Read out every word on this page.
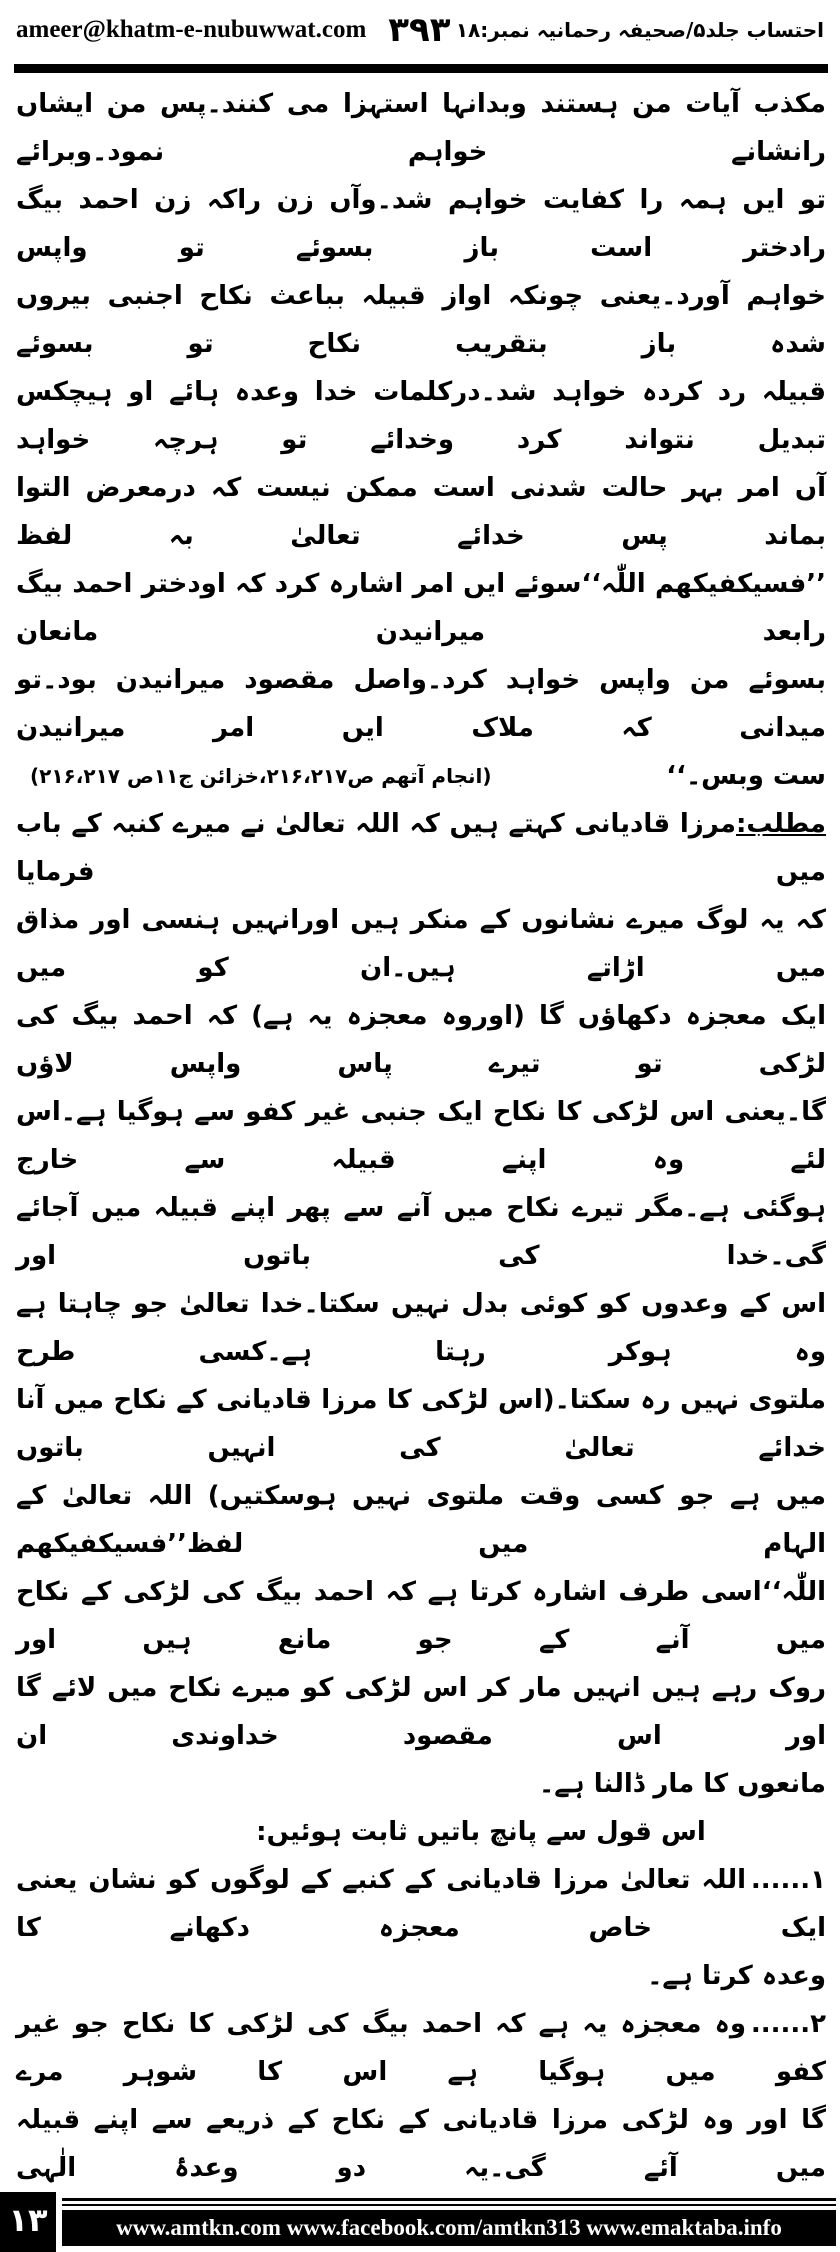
ameer@khatm-e-nubuwwat.com ۳۹۳ احتساب جلد۵/صحیفہ رحمانیہ نمبر:۱۸
مکذب آیات من ہستند وبدانہا استہزا می کنند۔پس من ایشاں رانشانے خواہم نمود۔وبرائے
تو ایں ہمہ را کفایت خواہم شد۔وآں زن راکہ زن احمد بیگ رادختر است باز بسوئے تو واپس
خواہم آورد۔یعنی چونکہ اواز قبیلہ بباعث نکاح اجنبی بیروں شدہ باز بتقریب نکاح تو بسوئے
قبیلہ رد کردہ خواہد شد۔درکلمات خدا وعدہ ہائے او ہیچکس تبدیل نتواند کرد وخدائے تو ہرچہ خواہد
آں امر بہر حالت شدنی است ممکن نیست کہ درمعرض التوا بماند پس خدائے تعالیٰ بہ لفظ
’’فسیکفیکھم اللّٰہ‘‘سوئے ایں امر اشارہ کرد کہ اودختر احمد بیگ رابعد میرانیدن مانعان
بسوئے من واپس خواہد کرد۔واصل مقصود میرانیدن بود۔تو میدانی کہ ملاک ایں امر میرانیدن
ست وبس۔‘‘
(انجام آتھم ص۲۱۶،۲۱۷،خزائن ج۱۱ص ۲۱۶،۲۱۷)
مطلب:مرزا قادیانی کہتے ہیں کہ اللہ تعالیٰ نے میرے کنبہ کے باب میں فرمایا
کہ یہ لوگ میرے نشانوں کے منکر ہیں اورانہیں ہنسی اور مذاق میں اڑاتے ہیں۔ان کو میں
ایک معجزہ دکھاؤں گا (اوروہ معجزہ یہ ہے) کہ احمد بیگ کی لڑکی تو تیرے پاس واپس لاؤں
گا۔یعنی اس لڑکی کا نکاح ایک جنبی غیر کفو سے ہوگیا ہے۔اس لئے وہ اپنے قبیلہ سے خارج
ہوگئی ہے۔مگر تیرے نکاح میں آنے سے پھر اپنے قبیلہ میں آجائے گی۔خدا کی باتوں اور
اس کے وعدوں کو کوئی بدل نہیں سکتا۔خدا تعالیٰ جو چاہتا ہے وہ ہوکر رہتا ہے۔کسی طرح
ملتوی نہیں رہ سکتا۔(اس لڑکی کا مرزا قادیانی کے نکاح میں آنا خدائے تعالیٰ کی انہیں باتوں
میں ہے جو کسی وقت ملتوی نہیں ہوسکتیں) اللہ تعالیٰ کے الہام میں لفظ’’فسیکفیکھم
اللّٰہ‘‘اسی طرف اشارہ کرتا ہے کہ احمد بیگ کی لڑکی کے نکاح میں آنے کے جو مانع ہیں اور
روک رہے ہیں انہیں مار کر اس لڑکی کو میرے نکاح میں لائے گا اور اس مقصود خداوندی ان
مانعوں کا مار ڈالنا ہے۔
اس قول سے پانچ باتیں ثابت ہوئیں:
۱......اللہ تعالیٰ مرزا قادیانی کے کنبے کے لوگوں کو نشان یعنی ایک خاص معجزہ دکھانے کا
وعدہ کرتا ہے۔
۲......وہ معجزہ یہ ہے کہ احمد بیگ کی لڑکی کا نکاح جو غیر کفو میں ہوگیا ہے اس کا شوہر مرے
گا اور وہ لڑکی مرزا قادیانی کے نکاح کے ذریعے سے اپنے قبیلہ میں آئے گی۔یہ دو وعدۂ الٰہی
۱۳	www.amtkn.com www.facebook.com/amtkn313 www.emaktaba.info
